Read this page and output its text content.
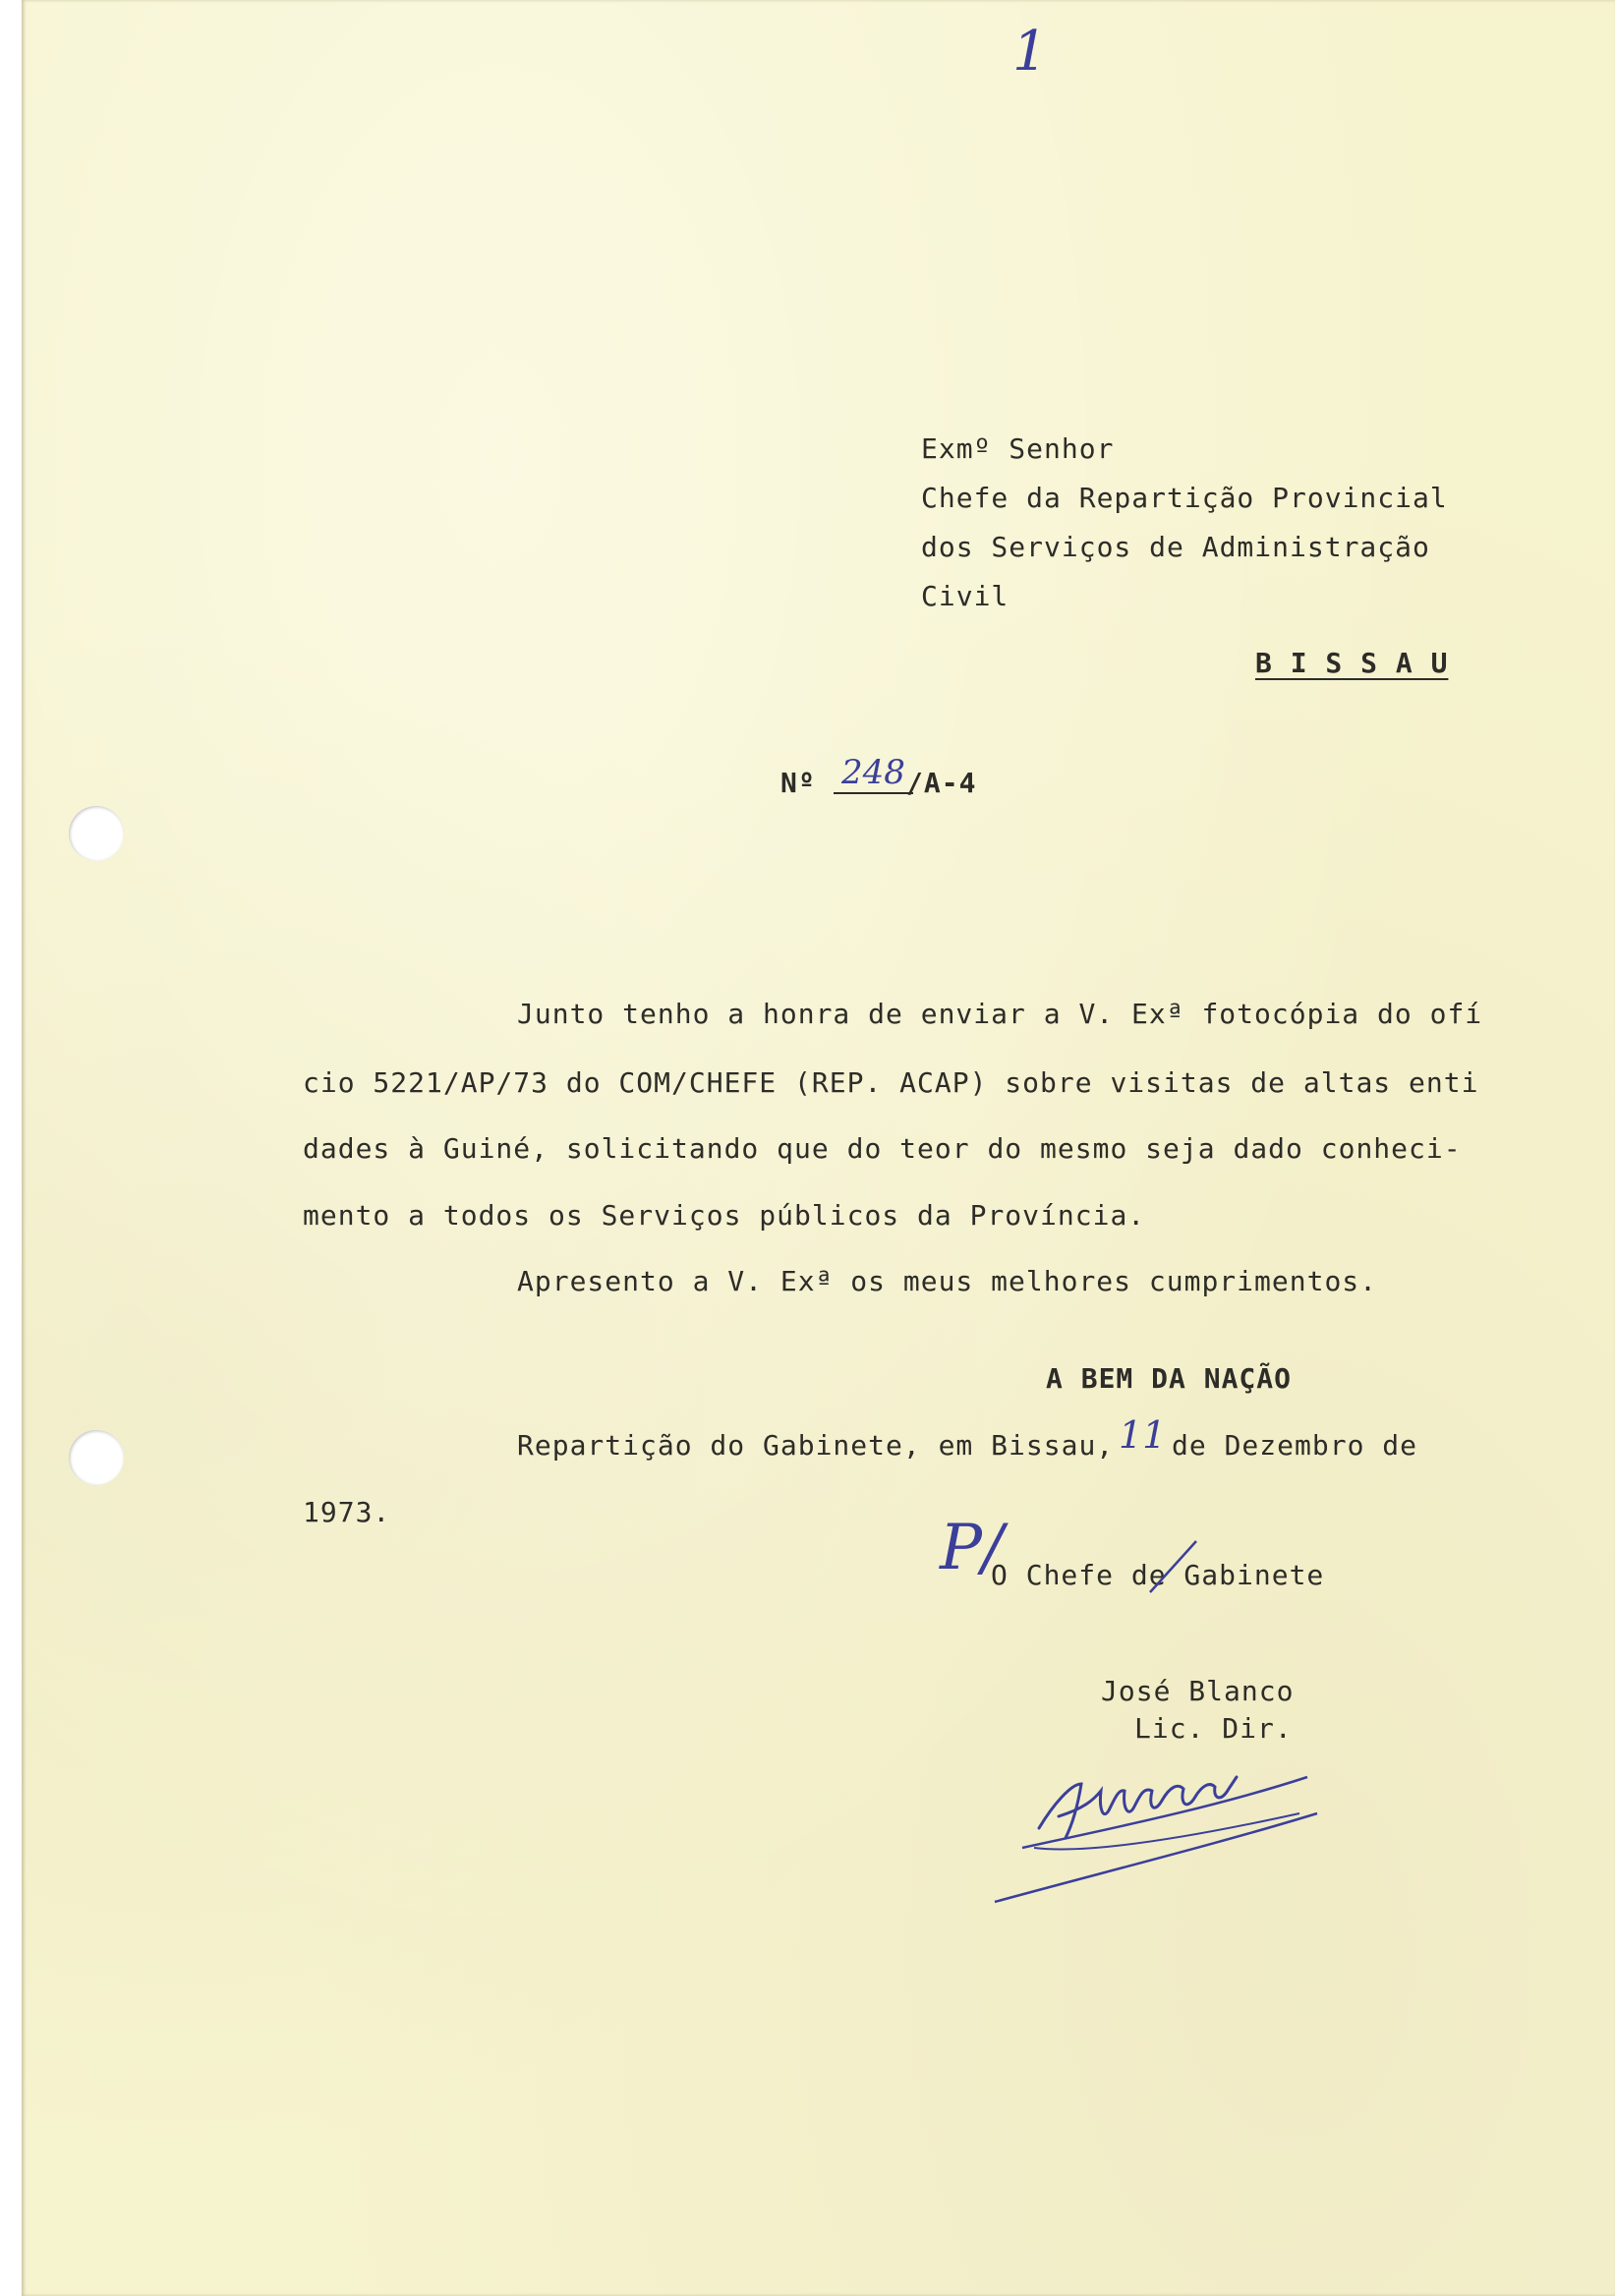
1
Exmº Senhor
Chefe da Repartição Provincial
dos Serviços de Administração
Civil
B I S S A U
Nº 248 /A-4
Junto tenho a honra de enviar a V. Exª fotocópia do ofí
cio 5221/AP/73 do COM/CHEFE (REP. ACAP) sobre visitas de altas enti
dades à Guiné, solicitando que do teor do mesmo seja dado conheci-
mento a todos os Serviços públicos da Província.
Apresento a V. Exª os meus melhores cumprimentos.
A BEM DA NAÇÃO
Repartição do Gabinete, em Bissau, 11 de Dezembro de
1973.	P/
O Chefe de Gabinete
José Blanco
Lic. Dir.
